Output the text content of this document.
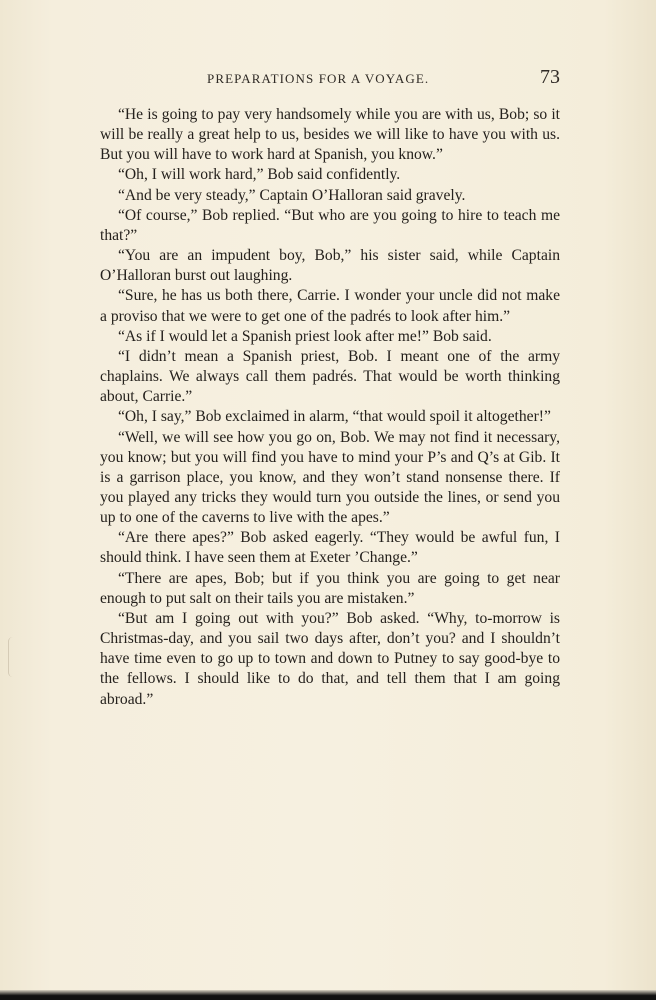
PREPARATIONS FOR A VOYAGE.	73

“He is going to pay very handsomely while you are with us, Bob; so it will be really a great help to us, besides we will like to have you with us. But you will have to work hard at Spanish, you know.”

“Oh, I will work hard,” Bob said confidently.

“And be very steady,” Captain O’Halloran said gravely.

“Of course,” Bob replied. “But who are you going to hire to teach me that?”

“You are an impudent boy, Bob,” his sister said, while Captain O’Halloran burst out laughing.

“Sure, he has us both there, Carrie. I wonder your uncle did not make a proviso that we were to get one of the padrés to look after him.”

“As if I would let a Spanish priest look after me!” Bob said.

“I didn’t mean a Spanish priest, Bob. I meant one of the army chaplains. We always call them padrés. That would be worth thinking about, Carrie.”

“Oh, I say,” Bob exclaimed in alarm, “that would spoil it altogether!”

“Well, we will see how you go on, Bob. We may not find it necessary, you know; but you will find you have to mind your P’s and Q’s at Gib. It is a garrison place, you know, and they won’t stand nonsense there. If you played any tricks they would turn you outside the lines, or send you up to one of the caverns to live with the apes.”

“Are there apes?” Bob asked eagerly. “They would be awful fun, I should think. I have seen them at Exeter ’Change.”

“There are apes, Bob; but if you think you are going to get near enough to put salt on their tails you are mistaken.”

“But am I going out with you?” Bob asked. “Why, to-morrow is Christmas-day, and you sail two days after, don’t you? and I shouldn’t have time even to go up to town and down to Putney to say good-bye to the fellows. I should like to do that, and tell them that I am going abroad.”
